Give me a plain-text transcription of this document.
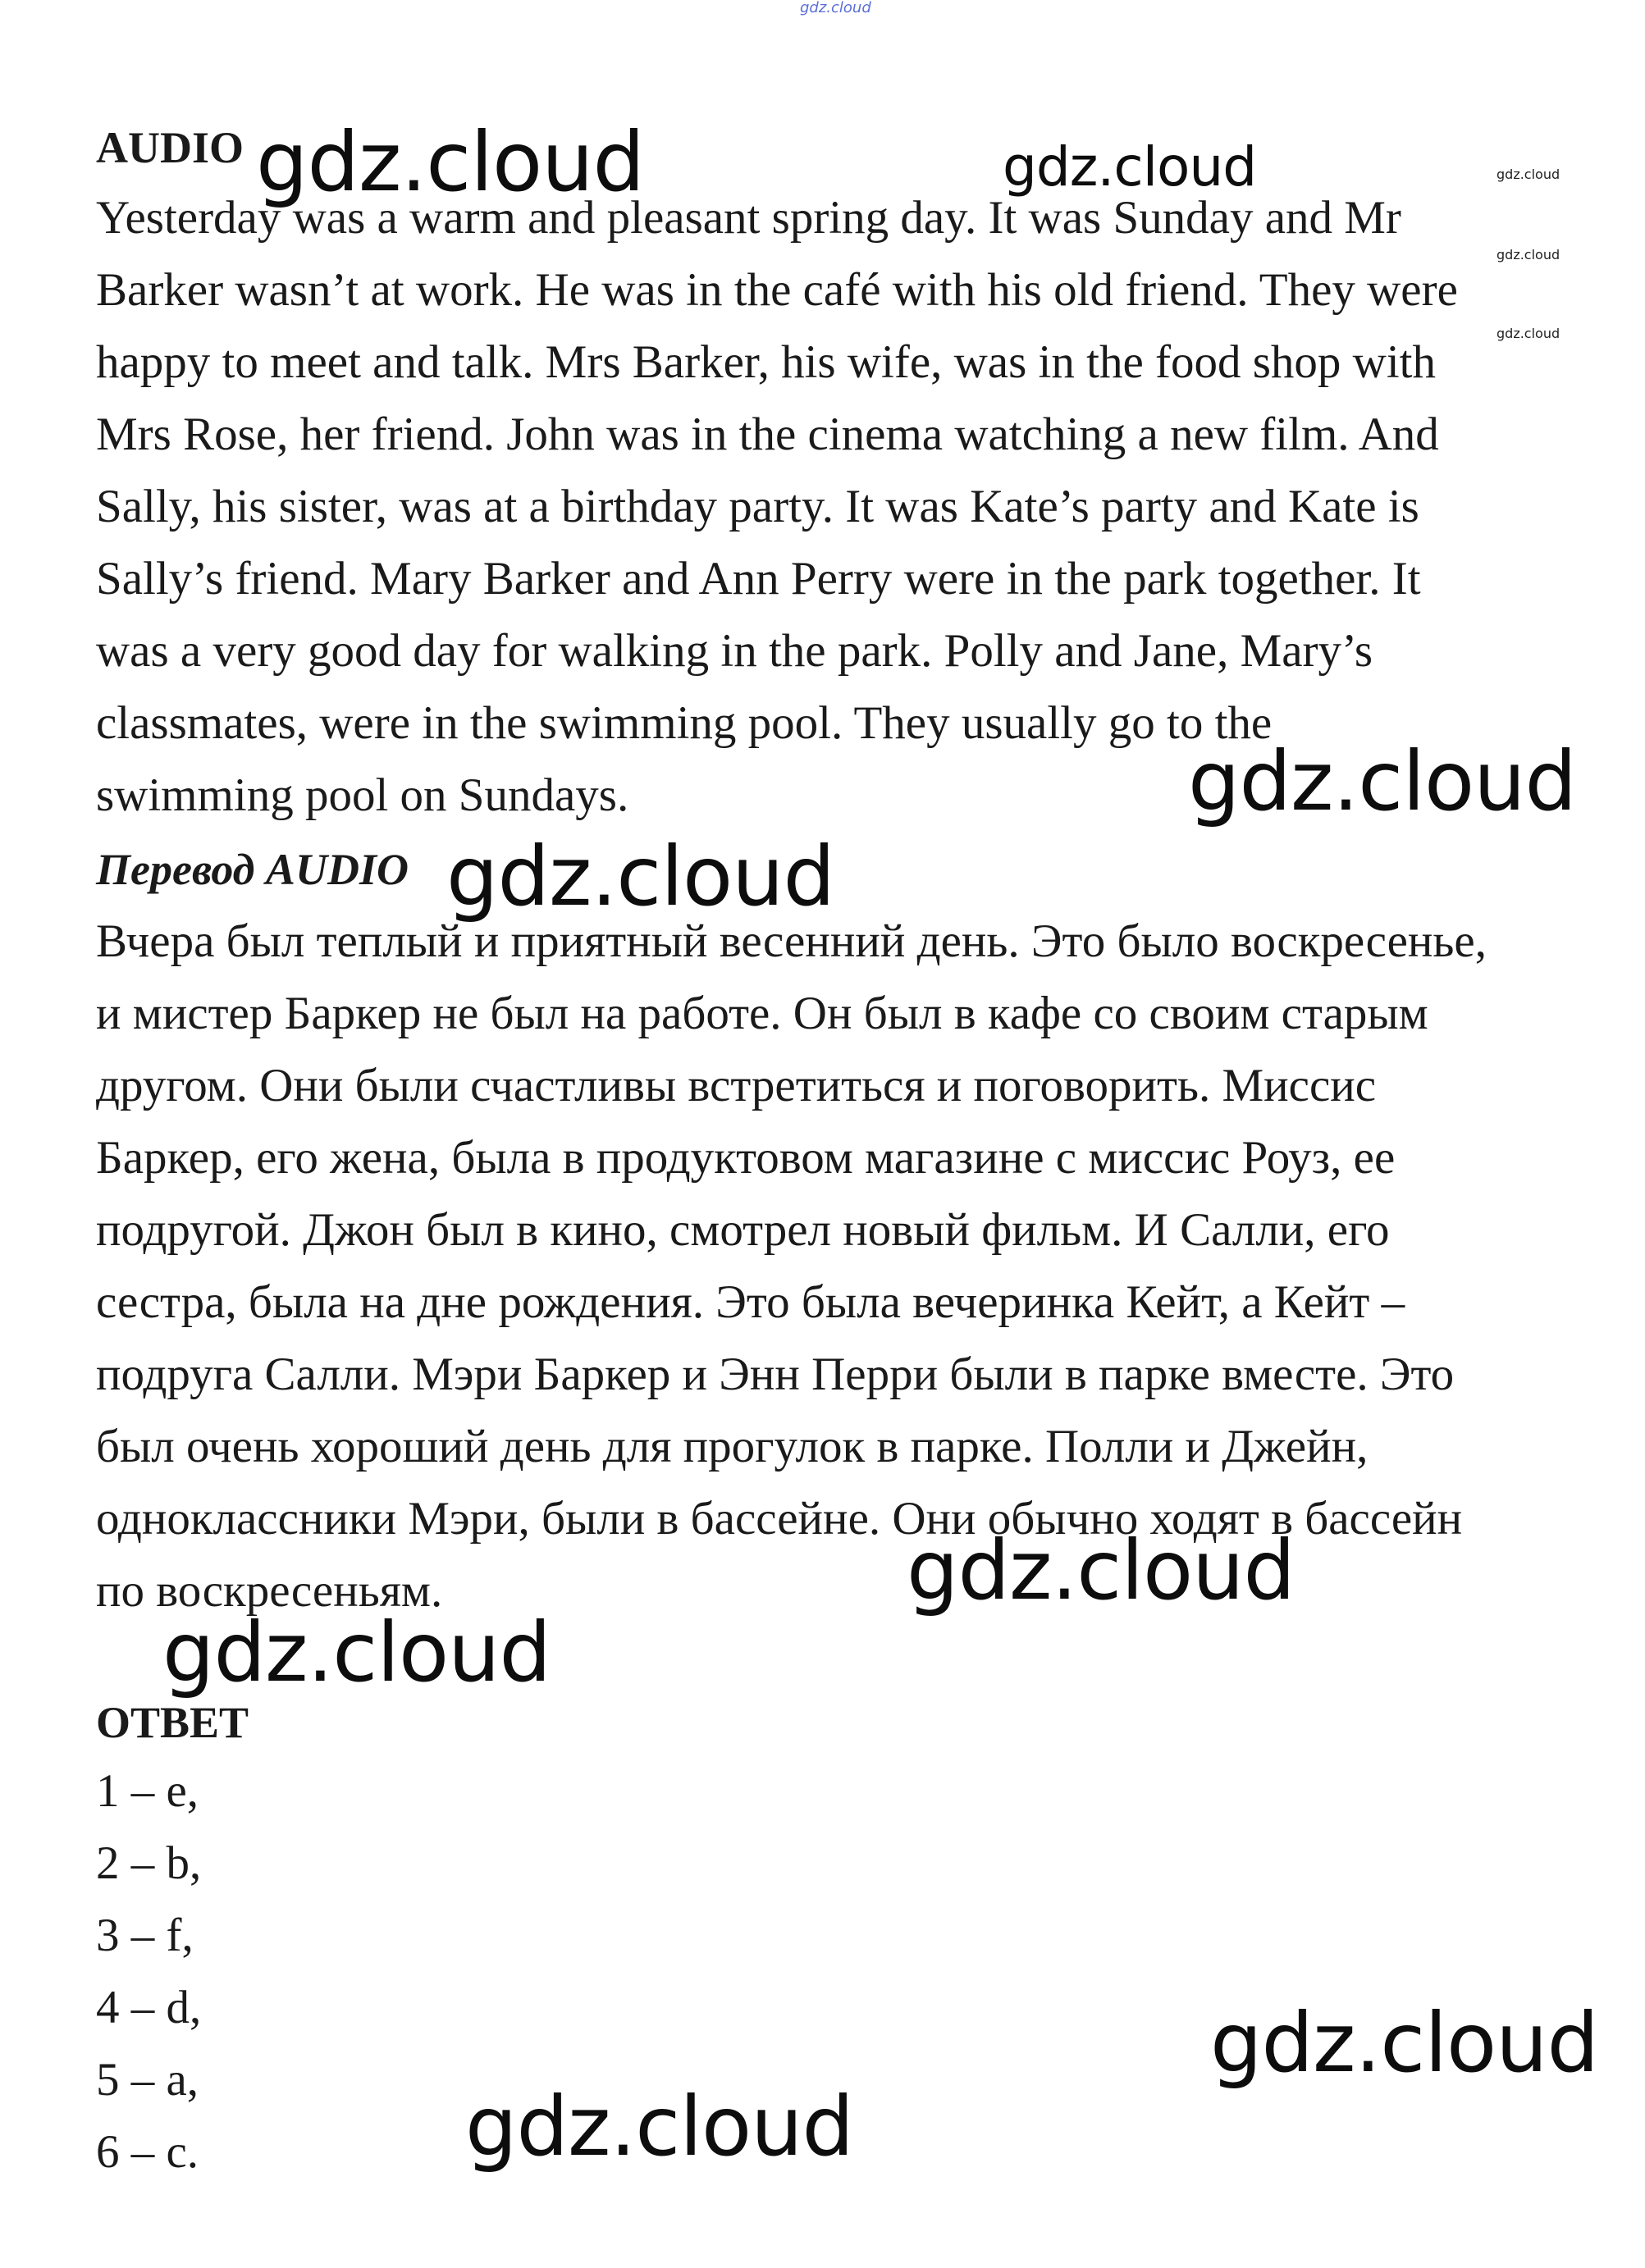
AUDIO
Yesterday was a warm and pleasant spring day. It was Sunday and Mr
Barker wasn’t at work. He was in the café with his old friend. They were
happy to meet and talk. Mrs Barker, his wife, was in the food shop with
Mrs Rose, her friend. John was in the cinema watching a new film. And
Sally, his sister, was at a birthday party. It was Kate’s party and Kate is
Sally’s friend. Mary Barker and Ann Perry were in the park together. It
was a very good day for walking in the park. Polly and Jane, Mary’s
classmates, were in the swimming pool. They usually go to the
swimming pool on Sundays.
Перевод AUDIO
Вчера был теплый и приятный весенний день. Это было воскресенье,
и мистер Баркер не был на работе. Он был в кафе со своим старым
другом. Они были счастливы встретиться и поговорить. Миссис
Баркер, его жена, была в продуктовом магазине с миссис Роуз, ее
подругой. Джон был в кино, смотрел новый фильм. И Салли, его
сестра, была на дне рождения. Это была вечеринка Кейт, а Кейт –
подруга Салли. Мэри Баркер и Энн Перри были в парке вместе. Это
был очень хороший день для прогулок в парке. Полли и Джейн,
одноклассники Мэри, были в бассейне. Они обычно ходят в бассейн
по воскресеньям.
ОТВЕТ
1 – e,
2 – b,
3 – f,
4 – d,
5 – a,
6 – c.
gdz.cloud
gdz.cloud	gdz.cloud	gdz.cloud
gdz.cloud
gdz.cloud
gdz.cloud
gdz.cloud
gdz.cloud
gdz.cloud
gdz.cloud
gdz.cloud
